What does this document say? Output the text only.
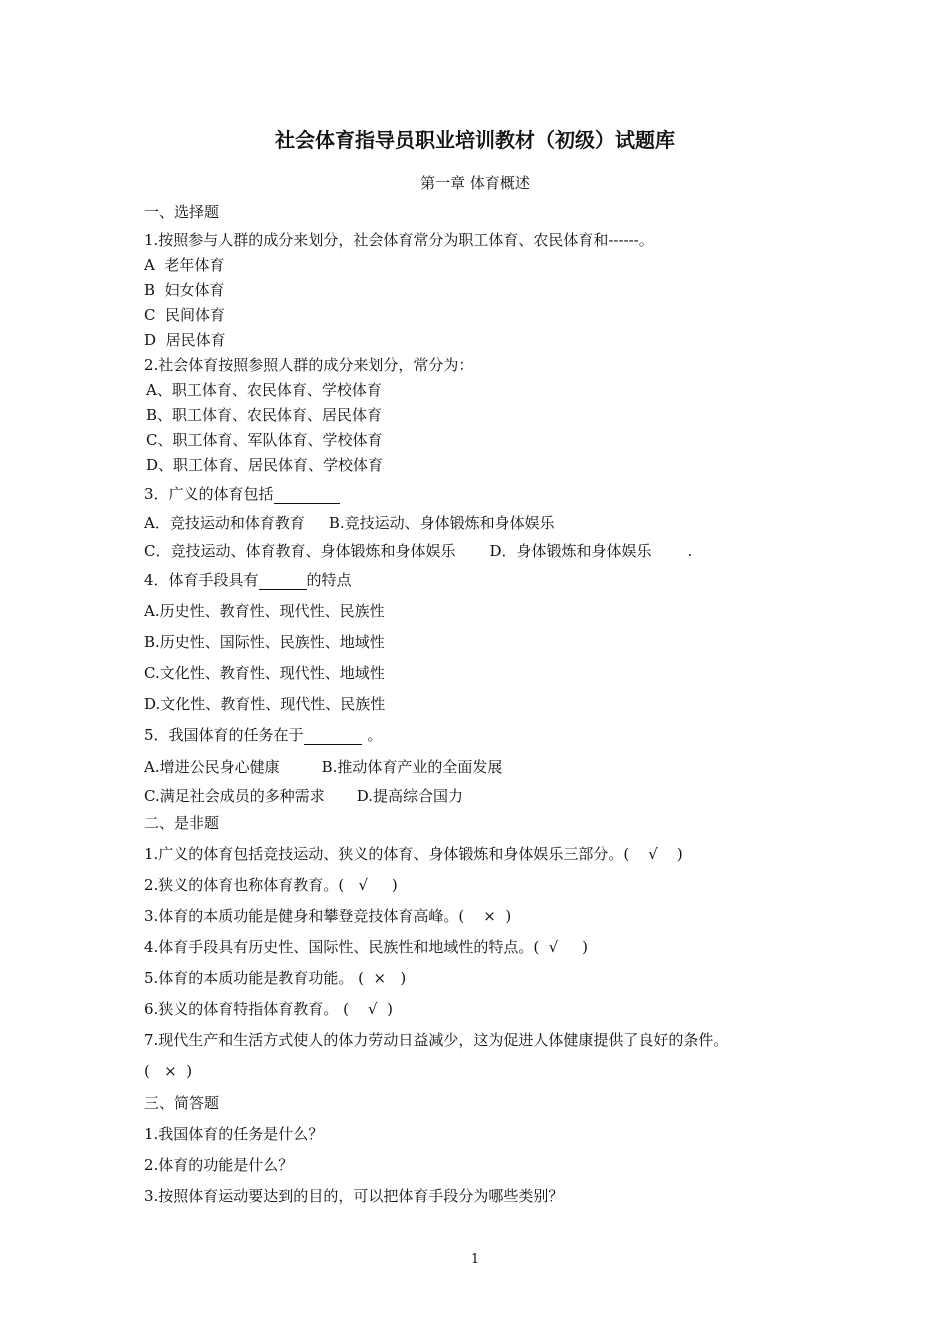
社会体育指导员职业培训教材（初级）试题库
第一章 体育概述
一、选择题
1.按照参与人群的成分来划分，社会体育常分为职工体育、农民体育和------。
A  老年体育
B  妇女体育
C  民间体育
D  居民体育
2.社会体育按照参照人群的成分来划分，常分为：
A、职工体育、农民体育、学校体育
B、职工体育、农民体育、居民体育
C、职工体育、军队体育、学校体育
D、职工体育、居民体育、学校体育
3．广义的体育包括
A．竞技运动和体育教育 B.竞技运动、身体锻炼和身体娱乐
C．竞技运动、体育教育、身体锻炼和身体娱乐 D．身体锻炼和身体娱乐 .
4．体育手段具有	的特点
A.历史性、教育性、现代性、民族性
B.历史性、国际性、民族性、地域性
C.文化性、教育性、现代性、地域性
D.文化性、教育性、现代性、民族性
5．我国体育的任务在于	。
A.增进公民身心健康	B.推动体育产业的全面发展
C.满足社会成员的多种需求 D.提高综合国力
二、是非题
1.广义的体育包括竞技运动、狭义的体育、身体锻炼和身体娱乐三部分。(    √    )
2.狭义的体育也称体育教育。(   √     )
3.体育的本质功能是健身和攀登竞技体育高峰。(    ×  )
4.体育手段具有历史性、国际性、民族性和地域性的特点。(  √     )
5.体育的本质功能是教育功能。 (  ×   )
6.狭义的体育特指体育教育。 (    √  )
7.现代生产和生活方式使人的体力劳动日益减少，这为促进人体健康提供了良好的条件。
(   ×  )
三、简答题
1.我国体育的任务是什么？
2.体育的功能是什么？
3.按照体育运动要达到的目的，可以把体育手段分为哪些类别？
1
